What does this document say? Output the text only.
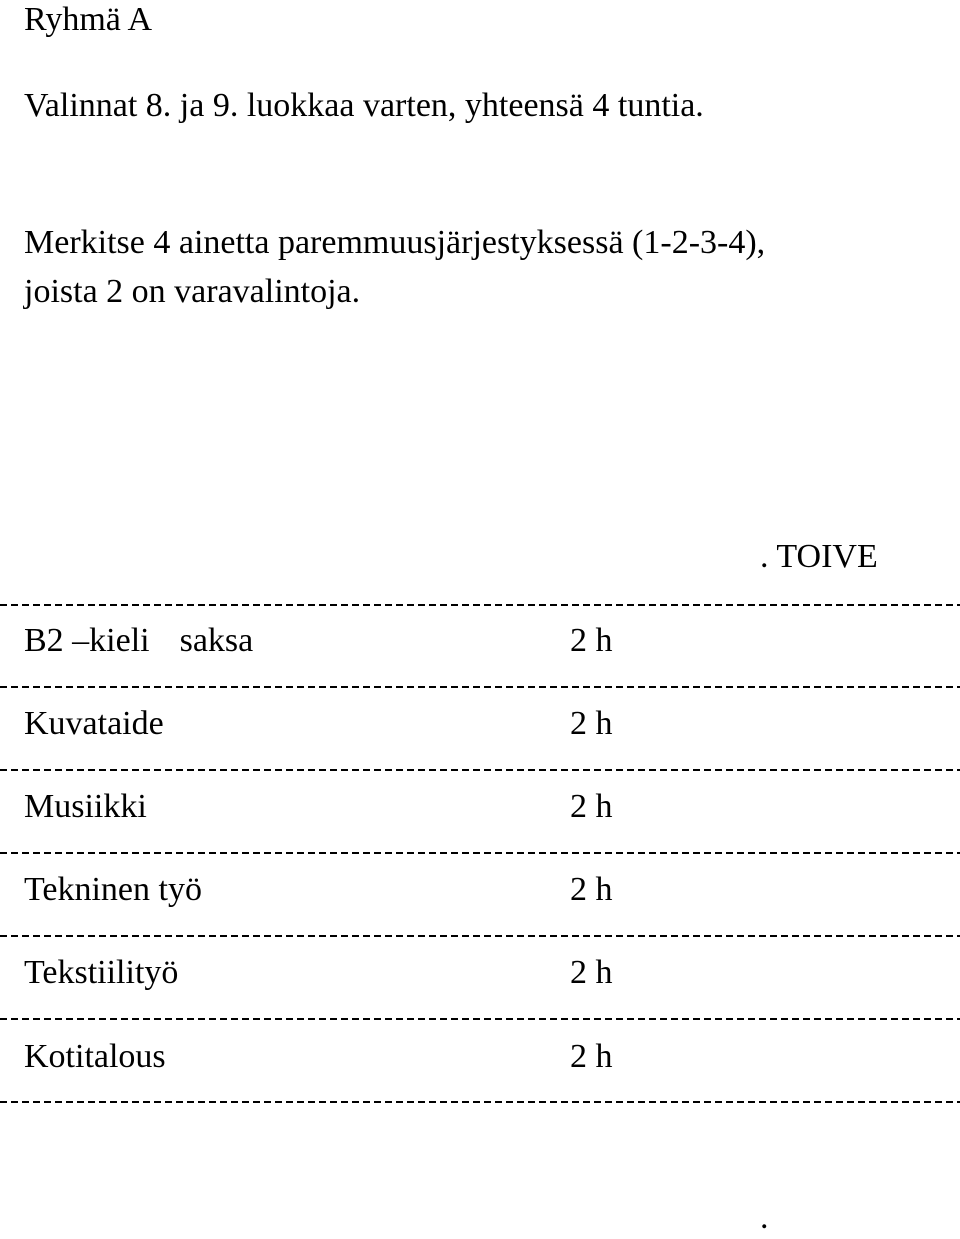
Ryhmä A
Valinnat 8. ja 9. luokkaa varten, yhteensä 4 tuntia.
Merkitse 4 ainetta paremmuusjärjestyksessä (1-2-3-4),
joista 2 on varavalintoja.
. TOIVE
B2 –kieli saksa	2 h
Kuvataide	2 h
Musiikki	2 h
Tekninen työ	2 h
Tekstiilityö	2 h
Kotitalous	2 h
.
